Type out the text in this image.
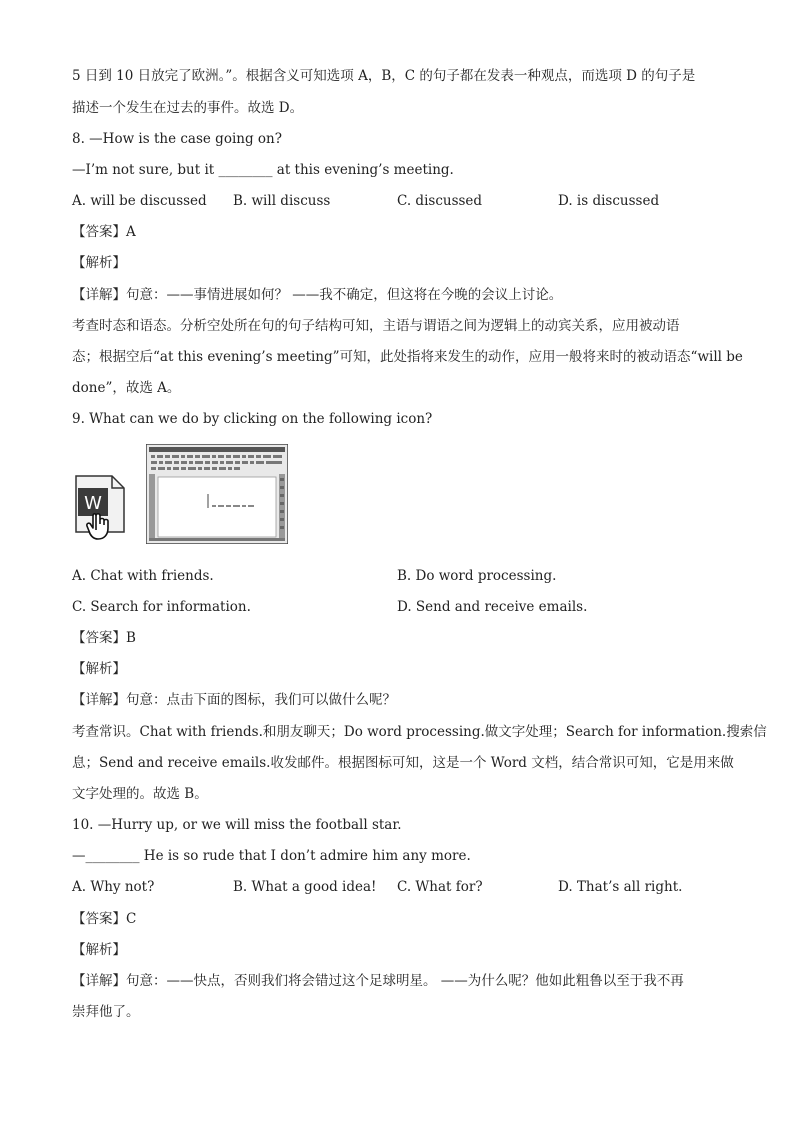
5 日到 10 日放完了欧洲。”。根据含义可知选项 A，B，C 的句子都在发表一种观点，而选项 D 的句子是
描述一个发生在过去的事件。故选 D。
8. —How is the case going on?
—I’m not sure, but it ________ at this evening’s meeting.
A. will be discussed B. will discuss	C. discussed	D. is discussed
【答案】A
【解析】
【详解】句意：——事情进展如何？ ——我不确定，但这将在今晚的会议上讨论。
考查时态和语态。分析空处所在句的句子结构可知，主语与谓语之间为逻辑上的动宾关系，应用被动语
态；根据空后“at this evening’s meeting”可知，此处指将来发生的动作，应用一般将来时的被动语态“will be
done”，故选 A。
9. What can we do by clicking on the following icon?
W
A. Chat with friends.	B. Do word processing.
C. Search for information.	D. Send and receive emails.
【答案】B
【解析】
【详解】句意：点击下面的图标，我们可以做什么呢？
考查常识。Chat with friends.和朋友聊天；Do word processing.做文字处理；Search for information.搜索信
息；Send and receive emails.收发邮件。根据图标可知，这是一个 Word 文档，结合常识可知，它是用来做
文字处理的。故选 B。
10. —Hurry up, or we will miss the football star.
—________ He is so rude that I don’t admire him any more.
A. Why not?	B. What a good idea! C. What for?	D. That’s all right.
【答案】C
【解析】
【详解】句意：——快点，否则我们将会错过这个足球明星。 ——为什么呢？他如此粗鲁以至于我不再
崇拜他了。
